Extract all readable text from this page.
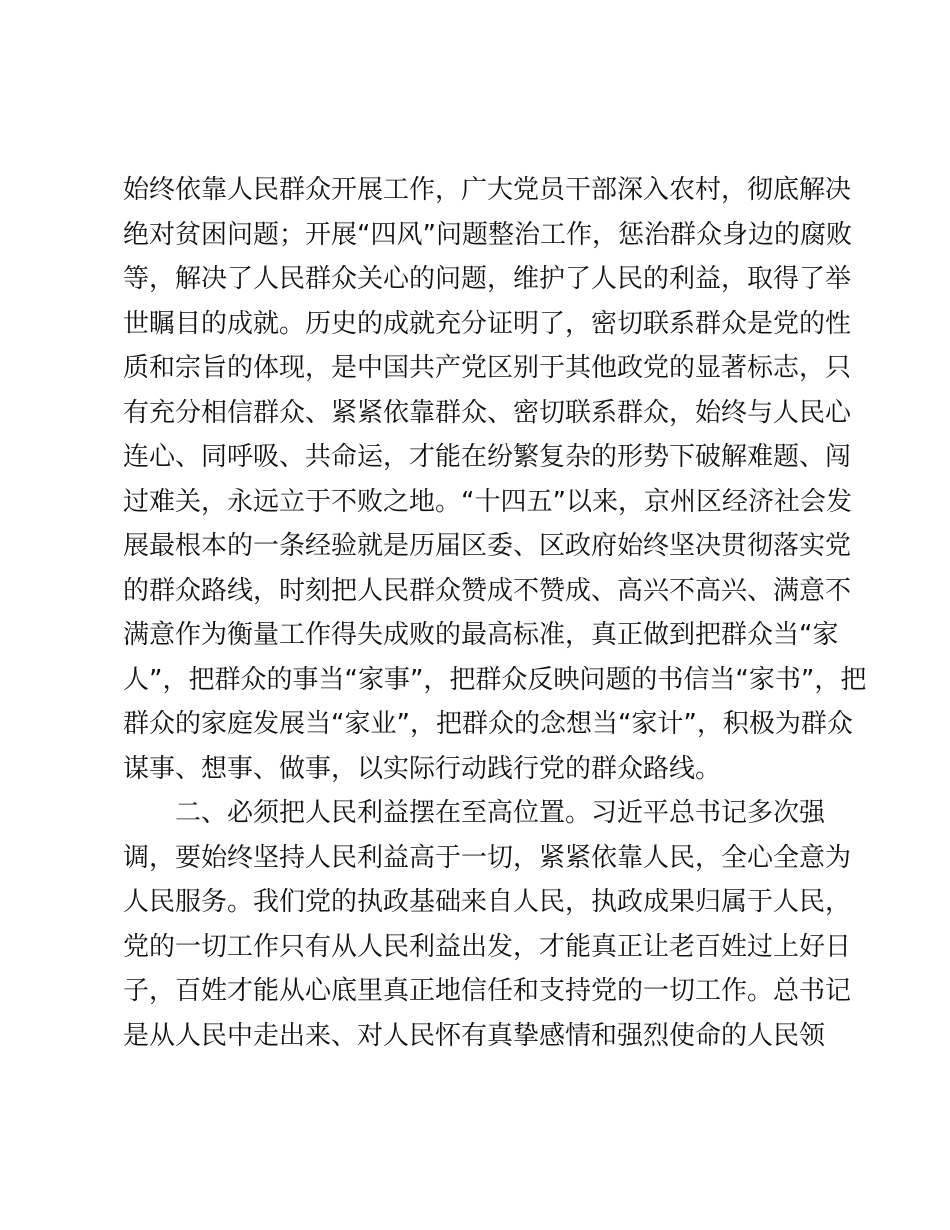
始终依靠人民群众开展工作，广大党员干部深入农村，彻底解决
绝对贫困问题；开展“四风”问题整治工作，惩治群众身边的腐败
等，解决了人民群众关心的问题，维护了人民的利益，取得了举
世瞩目的成就。历史的成就充分证明了，密切联系群众是党的性
质和宗旨的体现，是中国共产党区别于其他政党的显著标志，只
有充分相信群众、紧紧依靠群众、密切联系群众，始终与人民心
连心、同呼吸、共命运，才能在纷繁复杂的形势下破解难题、闯
过难关，永远立于不败之地。“十四五”以来，京州区经济社会发
展最根本的一条经验就是历届区委、区政府始终坚决贯彻落实党
的群众路线，时刻把人民群众赞成不赞成、高兴不高兴、满意不
满意作为衡量工作得失成败的最高标准，真正做到把群众当“家
人”，把群众的事当“家事”，把群众反映问题的书信当“家书”，把
群众的家庭发展当“家业”，把群众的念想当“家计”，积极为群众
谋事、想事、做事，以实际行动践行党的群众路线。
　　二、必须把人民利益摆在至高位置。习近平总书记多次强
调，要始终坚持人民利益高于一切，紧紧依靠人民，全心全意为
人民服务。我们党的执政基础来自人民，执政成果归属于人民，
党的一切工作只有从人民利益出发，才能真正让老百姓过上好日
子，百姓才能从心底里真正地信任和支持党的一切工作。总书记
是从人民中走出来、对人民怀有真挚感情和强烈使命的人民领
